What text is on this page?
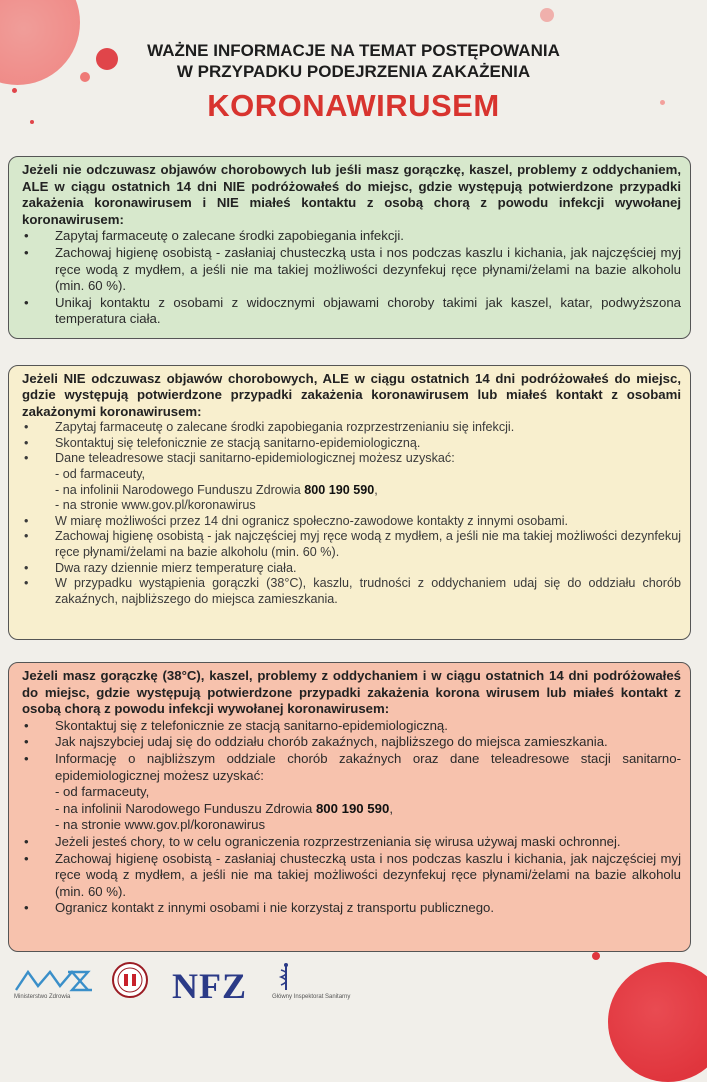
WAŻNE INFORMACJE NA TEMAT POSTĘPOWANIA
W PRZYPADKU PODEJRZENIA ZAKAŻENIA
KORONAWIRUSEM
Jeżeli nie odczuwasz objawów chorobowych lub jeśli masz gorączkę, kaszel, problemy z oddychaniem, ALE w ciągu ostatnich 14 dni NIE podróżowałeś do miejsc, gdzie występują potwierdzone przypadki zakażenia koronawirusem i NIE miałeś kontaktu z osobą chorą z powodu infekcji wywołanej koronawirusem:
• Zapytaj farmaceutę o zalecane środki zapobiegania infekcji.
• Zachowaj higienę osobistą - zasłaniaj chusteczką usta i nos podczas kaszlu i kichania, jak najczęściej myj ręce wodą z mydłem, a jeśli nie ma takiej możliwości dezynfekuj ręce płynami/żelami na bazie alkoholu (min. 60 %).
• Unikaj kontaktu z osobami z widocznymi objawami choroby takimi jak kaszel, katar, podwyższona temperatura ciała.
Jeżeli NIE odczuwasz objawów chorobowych, ALE w ciągu ostatnich 14 dni podróżowałeś do miejsc, gdzie występują potwierdzone przypadki zakażenia koronawirusem lub miałeś kontakt z osobami zakażonymi koronawirusem:
• Zapytaj farmaceutę o zalecane środki zapobiegania rozprzestrzenianiu się infekcji.
• Skontaktuj się telefonicznie ze stacją sanitarno-epidemiologiczną.
• Dane teleadresowe stacji sanitarno-epidemiologicznej możesz uzyskać:
- od farmaceuty,
- na infolinii Narodowego Funduszu Zdrowia 800 190 590,
- na stronie www.gov.pl/koronawirus
• W miarę możliwości przez 14 dni ogranicz społeczno-zawodowe kontakty z innymi osobami.
• Zachowaj higienę osobistą - jak najczęściej myj ręce wodą z mydłem, a jeśli nie ma takiej możliwości dezynfekuj ręce płynami/żelami na bazie alkoholu (min. 60 %).
• Dwa razy dziennie mierz temperaturę ciała.
• W przypadku wystąpienia gorączki (38°C), kaszlu, trudności z oddychaniem udaj się do oddziału chorób zakaźnych, najbliższego do miejsca zamieszkania.
Jeżeli masz gorączkę (38°C), kaszel, problemy z oddychaniem i w ciągu ostatnich 14 dni podróżowałeś do miejsc, gdzie występują potwierdzone przypadki zakażenia korona wirusem lub miałeś kontakt z osobą chorą z powodu infekcji wywołanej koronawirusem:
• Skontaktuj się z telefonicznie ze stacją sanitarno-epidemiologiczną.
• Jak najszybciej udaj się do oddziału chorób zakaźnych, najbliższego do miejsca zamieszkania.
• Informację o najbliższym oddziale chorób zakaźnych oraz dane teleadresowe stacji sanitarno-epidemiologicznej możesz uzyskać:
- od farmaceuty,
- na infolinii Narodowego Funduszu Zdrowia 800 190 590,
- na stronie www.gov.pl/koronawirus
• Jeżeli jesteś chory, to w celu ograniczenia rozprzestrzeniania się wirusa używaj maski ochronnej.
• Zachowaj higienę osobistą - zasłaniaj chusteczką usta i nos podczas kaszlu i kichania, jak najczęściej myj ręce wodą z mydłem, a jeśli nie ma takiej możliwości dezynfekuj ręce płynami/żelami na bazie alkoholu (min. 60 %).
• Ogranicz kontakt z innymi osobami i nie korzystaj z transportu publicznego.
Ministerstwo Zdrowia	NFZ	Główny Inspektorat Sanitarny
